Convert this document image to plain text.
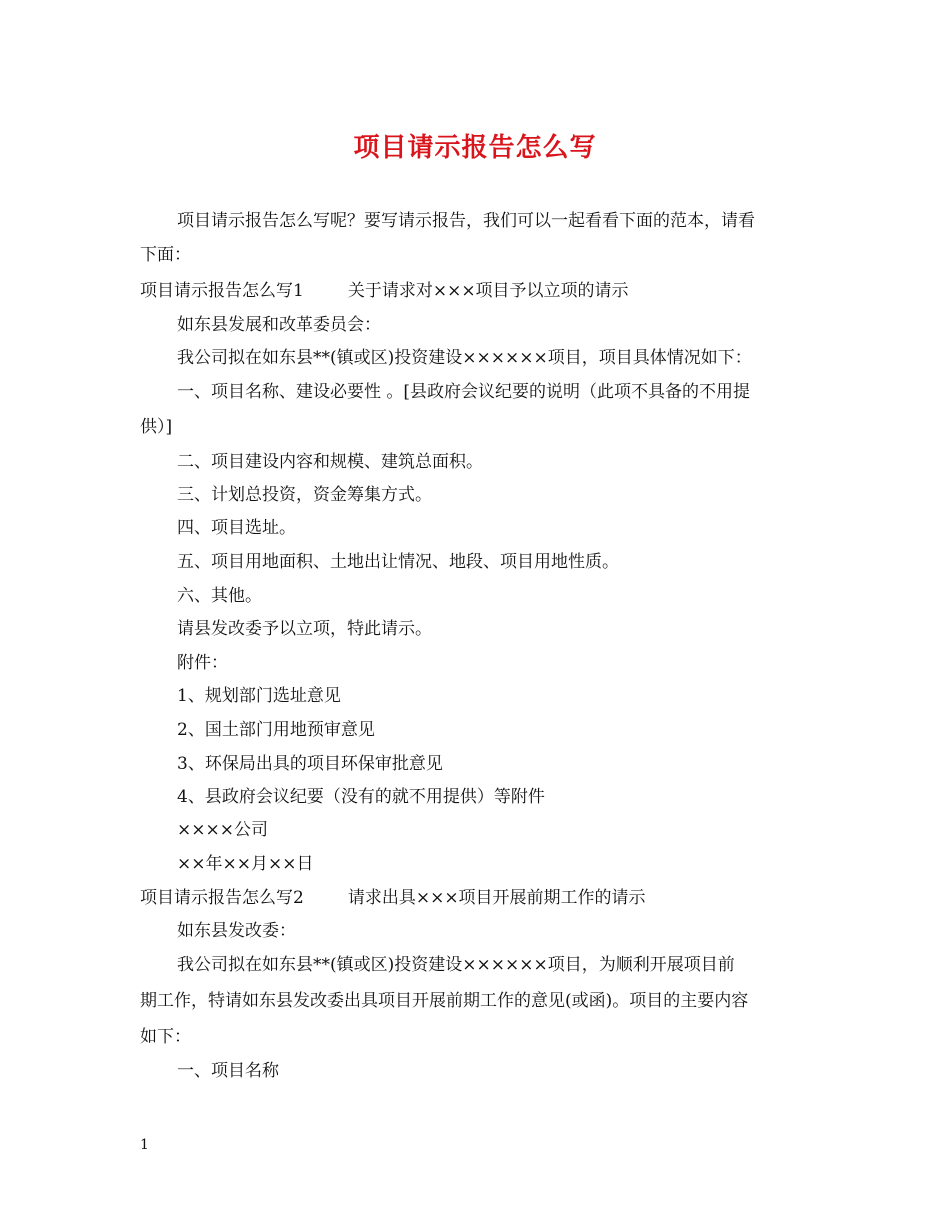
项目请示报告怎么写
项目请示报告怎么写呢？要写请示报告，我们可以一起看看下面的范本，请看
下面：
项目请示报告怎么写1	关于请求对×××项目予以立项的请示
如东县发展和改革委员会：
我公司拟在如东县**(镇或区)投资建设××××××项目，项目具体情况如下：
一、项目名称、建设必要性 。[县政府会议纪要的说明（此项不具备的不用提
供）]
二、项目建设内容和规模、建筑总面积。
三、计划总投资，资金筹集方式。
四、项目选址。
五、项目用地面积、土地出让情况、地段、项目用地性质。
六、其他。
请县发改委予以立项，特此请示。
附件：
1、规划部门选址意见
2、国土部门用地预审意见
3、环保局出具的项目环保审批意见
4、县政府会议纪要（没有的就不用提供）等附件
××××公司
××年××月××日
项目请示报告怎么写2	请求出具×××项目开展前期工作的请示
如东县发改委：
我公司拟在如东县**(镇或区)投资建设××××××项目，为顺利开展项目前
期工作，特请如东县发改委出具项目开展前期工作的意见(或函)。项目的主要内容
如下：
一、项目名称
1
